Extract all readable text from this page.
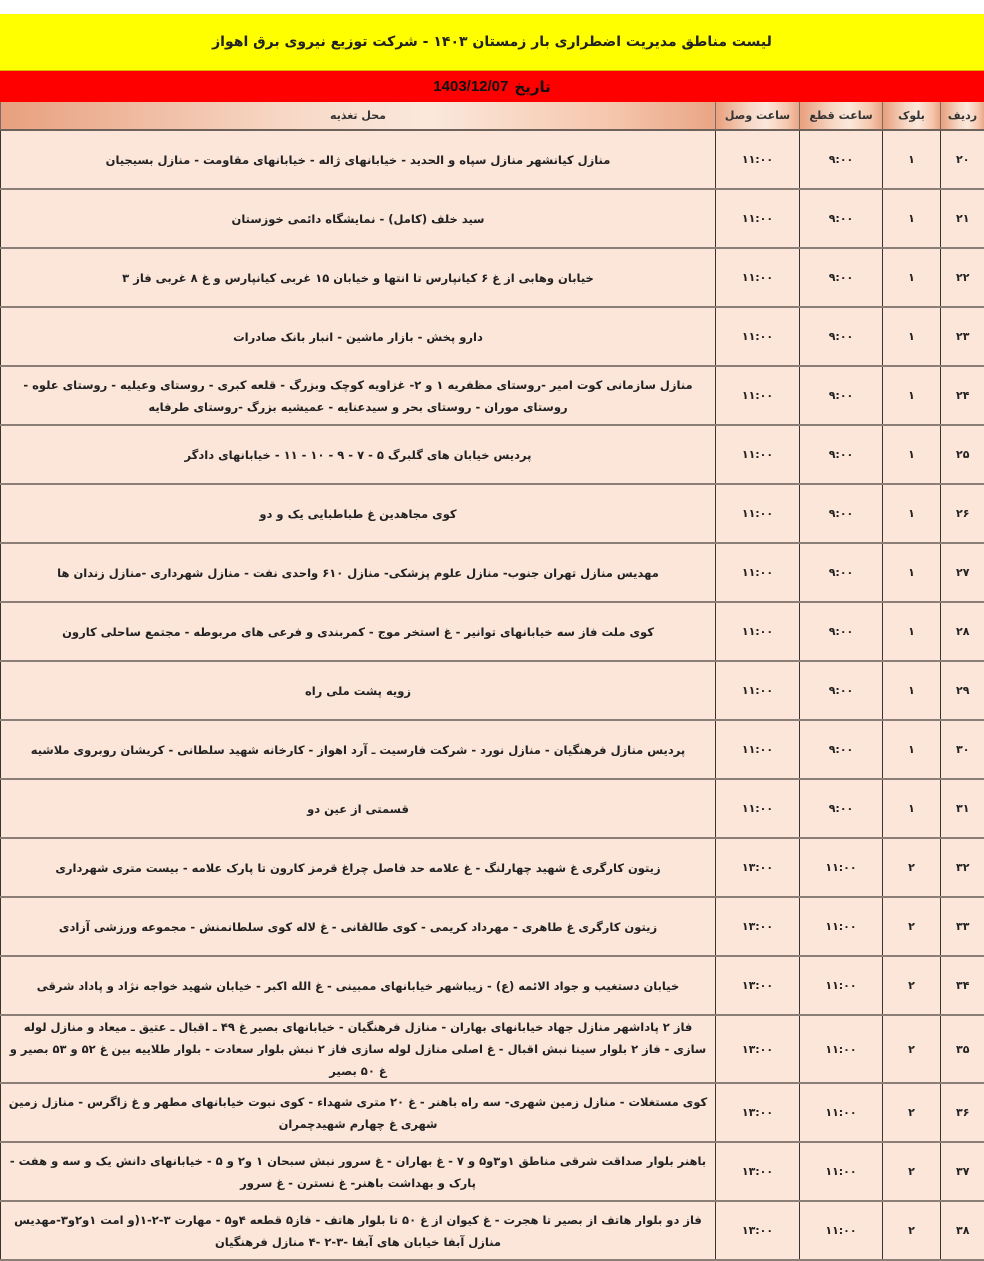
لیست مناطق مدیریت اضطراری بار زمستان ۱۴۰۳ - شرکت توزیع نیروی برق اهواز
تاریخ
1403/12/07
ردیف	بلوک	ساعت قطع	ساعت وصل	محل تغذیه
۲۰	۱	۹:۰۰	۱۱:۰۰	منازل کیانشهر منازل سپاه و الحدید - خیابانهای ژاله - خیابانهای مقاومت - منازل بسیجیان
۲۱	۱	۹:۰۰	۱۱:۰۰	سید خلف (کامل) - نمایشگاه دائمی خوزستان
۲۲	۱	۹:۰۰	۱۱:۰۰	خیابان وهابی از غ ۶ کیانپارس تا انتها و خیابان ۱۵ غربی کیانپارس و غ ۸ غربی فاز ۳
۲۳	۱	۹:۰۰	۱۱:۰۰	دارو پخش - بازار ماشین - انبار بانک صادرات
۲۴	۱	۹:۰۰	۱۱:۰۰	منازل سازمانی کوت امیر -روستای مظفریه ۱ و ۲- غزاویه کوچک وبزرگ - قلعه کبری - روستای وعیلیه - روستای علوه - روستای موران - روستای بحر و سیدعنایه - عمیشیه بزرگ -روستای طرفایه
۲۵	۱	۹:۰۰	۱۱:۰۰	پردیس خیابان های گلبرگ ۵ - ۷ - ۹ - ۱۰ - ۱۱ - خیابانهای دادگر
۲۶	۱	۹:۰۰	۱۱:۰۰	کوی مجاهدین غ طباطبایی یک و دو
۲۷	۱	۹:۰۰	۱۱:۰۰	مهدیس منازل تهران جنوب- منازل علوم پزشکی- منازل ۶۱۰ واحدی نفت - منازل شهرداری -منازل زندان ها
۲۸	۱	۹:۰۰	۱۱:۰۰	کوی ملت فاز سه خیابانهای توانیر - غ استخر موج - کمربندی و فرعی های مربوطه - مجتمع ساحلی کارون
۲۹	۱	۹:۰۰	۱۱:۰۰	زویه پشت ملی راه
۳۰	۱	۹:۰۰	۱۱:۰۰	پردیس منازل فرهنگیان - منازل نورد - شرکت فارسیت ـ آرد اهواز - کارخانه شهید سلطانی - کریشان روبروی ملاشیه
۳۱	۱	۹:۰۰	۱۱:۰۰	قسمتی از عین دو
۳۲	۲	۱۱:۰۰	۱۳:۰۰	زیتون کارگری غ شهید چهارلنگ - غ علامه حد فاصل چراغ قرمز کارون تا پارک علامه - بیست متری شهرداری
۳۳	۲	۱۱:۰۰	۱۳:۰۰	زیتون کارگری غ طاهری - مهرداد کریمی - کوی طالقانی - غ لاله کوی سلطانمنش - مجموعه ورزشی آزادی
۳۴	۲	۱۱:۰۰	۱۳:۰۰	خیابان دستغیب و جواد الائمه (ع) - زیباشهر خیابانهای ممبینی - غ الله اکبر - خیابان شهید خواجه نژاد و پاداد شرقی
۳۵	۲	۱۱:۰۰	۱۳:۰۰	فاز ۲ پاداشهر منازل جهاد خیابانهای بهاران - منازل فرهنگیان - خیابانهای بصیر غ ۴۹ ـ اقبال ـ عتیق ـ میعاد و منازل لوله سازی - فاز ۲ بلوار سینا نبش اقبال - غ اصلی منازل لوله سازی فاز ۲ نبش بلوار سعادت - بلوار طلاییه بین غ ۵۲ و ۵۳ بصیر و غ ۵۰ بصیر
۳۶	۲	۱۱:۰۰	۱۳:۰۰	کوی مستغلات - منازل زمین شهری- سه راه باهنر - غ ۲۰ متری شهداء - کوی نبوت خیابانهای مطهر و غ زاگرس - منازل زمین شهری غ چهارم شهیدچمران
۳۷	۲	۱۱:۰۰	۱۳:۰۰	باهنر بلوار صداقت شرقی مناطق ۱و۳و۵ و ۷ - غ بهاران - غ سرور نبش سبحان ۱ و۲ و ۵ - خیابانهای دانش یک و سه و هفت - پارک و بهداشت باهنر- غ نسترن - غ سرور
۳۸	۲	۱۱:۰۰	۱۳:۰۰	فاز دو بلوار هاتف از بصیر تا هجرت - غ کیوان از غ ۵۰ تا بلوار هاتف - فاز۵ قطعه ۴و۵ - مهارت ۳-۲-۱(و امت ۱و۲و۳-مهدیس منازل آبفا خیابان های آبفا -۳-۲ -۴ منازل فرهنگیان
